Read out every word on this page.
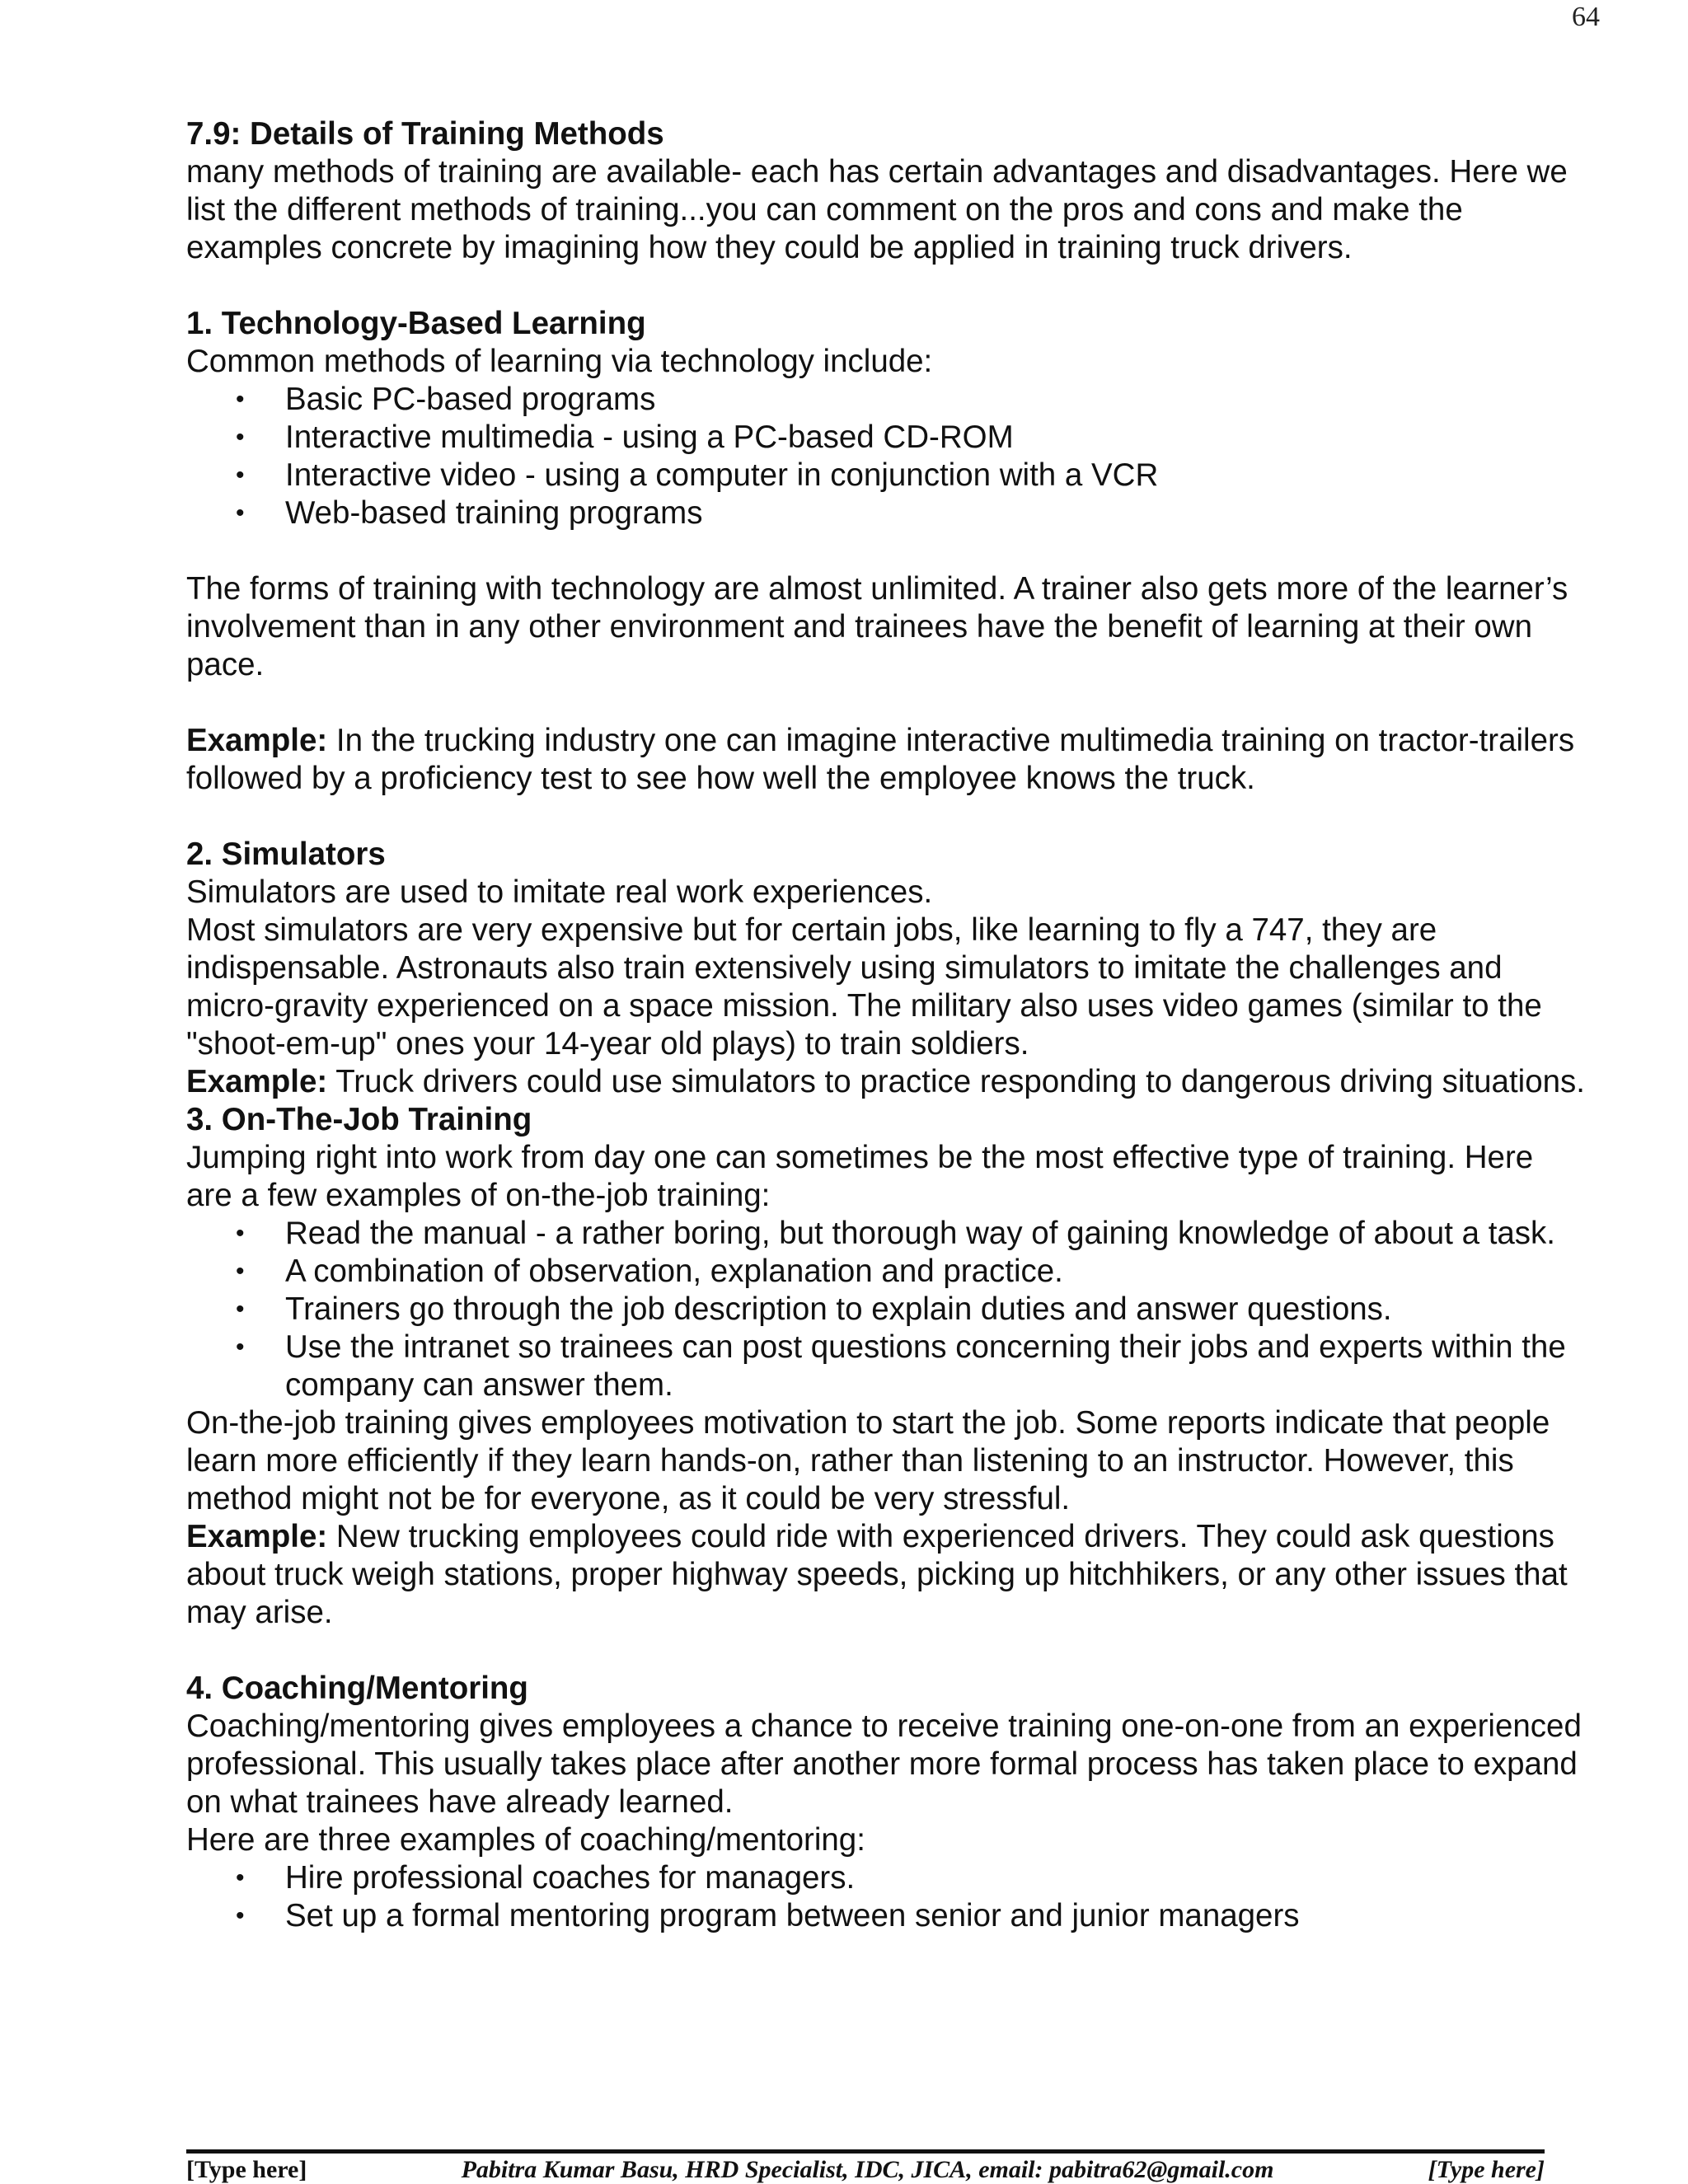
64

7.9: Details of Training Methods

many methods of training are available- each has certain advantages and disadvantages. Here we list the different methods of training...you can comment on the pros and cons and make the examples concrete by imagining how they could be applied in training truck drivers.

1. Technology-Based Learning

Common methods of learning via technology include:

• Basic PC-based programs
• Interactive multimedia - using a PC-based CD-ROM
• Interactive video - using a computer in conjunction with a VCR
• Web-based training programs

The forms of training with technology are almost unlimited. A trainer also gets more of the learner’s involvement than in any other environment and trainees have the benefit of learning at their own pace.

Example: In the trucking industry one can imagine interactive multimedia training on tractor-trailers followed by a proficiency test to see how well the employee knows the truck.

2. Simulators

Simulators are used to imitate real work experiences.

Most simulators are very expensive but for certain jobs, like learning to fly a 747, they are indispensable. Astronauts also train extensively using simulators to imitate the challenges and micro-gravity experienced on a space mission. The military also uses video games (similar to the "shoot-em-up" ones your 14-year old plays) to train soldiers.

Example: Truck drivers could use simulators to practice responding to dangerous driving situations.

3. On-The-Job Training

Jumping right into work from day one can sometimes be the most effective type of training. Here are a few examples of on-the-job training:

• Read the manual - a rather boring, but thorough way of gaining knowledge of about a task.
• A combination of observation, explanation and practice.
• Trainers go through the job description to explain duties and answer questions.
• Use the intranet so trainees can post questions concerning their jobs and experts within the company can answer them.

On-the-job training gives employees motivation to start the job. Some reports indicate that people learn more efficiently if they learn hands-on, rather than listening to an instructor. However, this method might not be for everyone, as it could be very stressful.

Example: New trucking employees could ride with experienced drivers. They could ask questions about truck weigh stations, proper highway speeds, picking up hitchhikers, or any other issues that may arise.

4. Coaching/Mentoring

Coaching/mentoring gives employees a chance to receive training one-on-one from an experienced professional. This usually takes place after another more formal process has taken place to expand on what trainees have already learned.

Here are three examples of coaching/mentoring:

• Hire professional coaches for managers.
• Set up a formal mentoring program between senior and junior managers
[Type here]	Pabitra Kumar Basu, HRD Specialist, IDC, JICA, email: pabitra62@gmail.com	[Type here]
